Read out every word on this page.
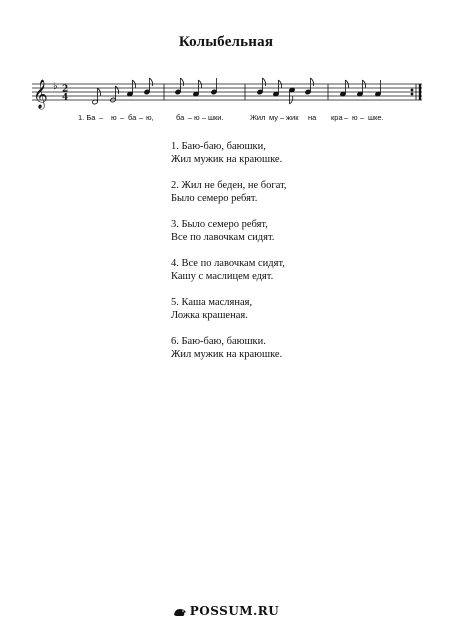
Колыбельная
𝄞 ♭ 2
4
1. Ба – ю – ба – ю,	ба – ю – шки.	Жил му – жик на кра – ю – шке.
1. Баю-баю, баюшки,
Жил мужик на краюшке.
2. Жил не беден, не богат,
Было семеро ребят.
3. Было семеро ребят,
Все по лавочкам сидят.
4. Все по лавочкам сидят,
Кашу с маслицем едят.
5. Каша масляная,
Ложка крашеная.
6. Баю-баю, баюшки.
Жил мужик на краюшке.
POSSUM.RU
